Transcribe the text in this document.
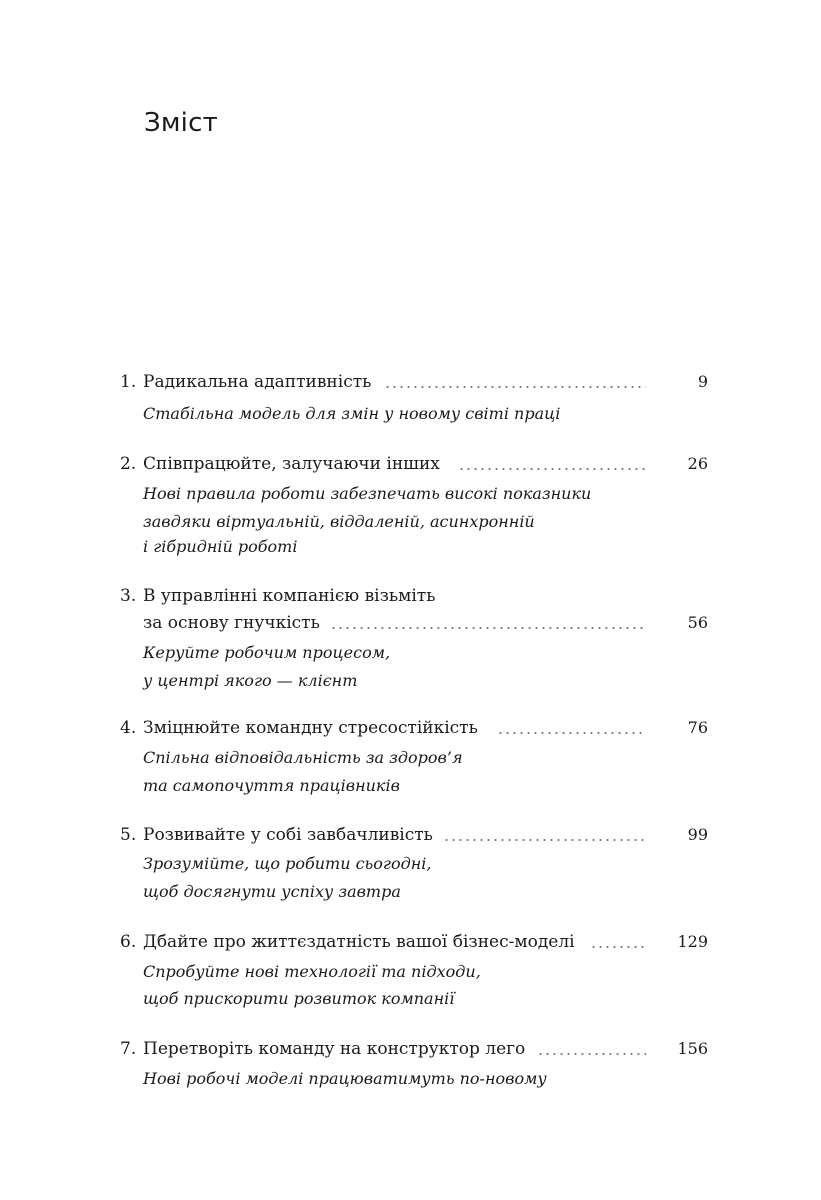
Зміст
1. Радикальна адаптивність	9
Стабільна модель для змін у новому світі праці
2. Співпрацюйте, залучаючи інших	26
Нові правила роботи забезпечать високі показники
завдяки віртуальній, віддаленій, асинхронній
і гібридній роботі
3. В управлінні компанією візьміть
за основу гнучкість	56
Керуйте робочим процесом,
у центрі якого — клієнт
4. Зміцнюйте командну стресостійкість	76
Спільна відповідальність за здоров’я
та самопочуття працівників
5. Розвивайте у собі завбачливість	99
Зрозумійте, що робити сьогодні,
щоб досягнути успіху завтра
6. Дбайте про життєздатність вашої бізнес-моделі	129
Спробуйте нові технології та підходи,
щоб прискорити розвиток компанії
7. Перетворіть команду на конструктор лего	156
Нові робочі моделі працюватимуть по-новому
